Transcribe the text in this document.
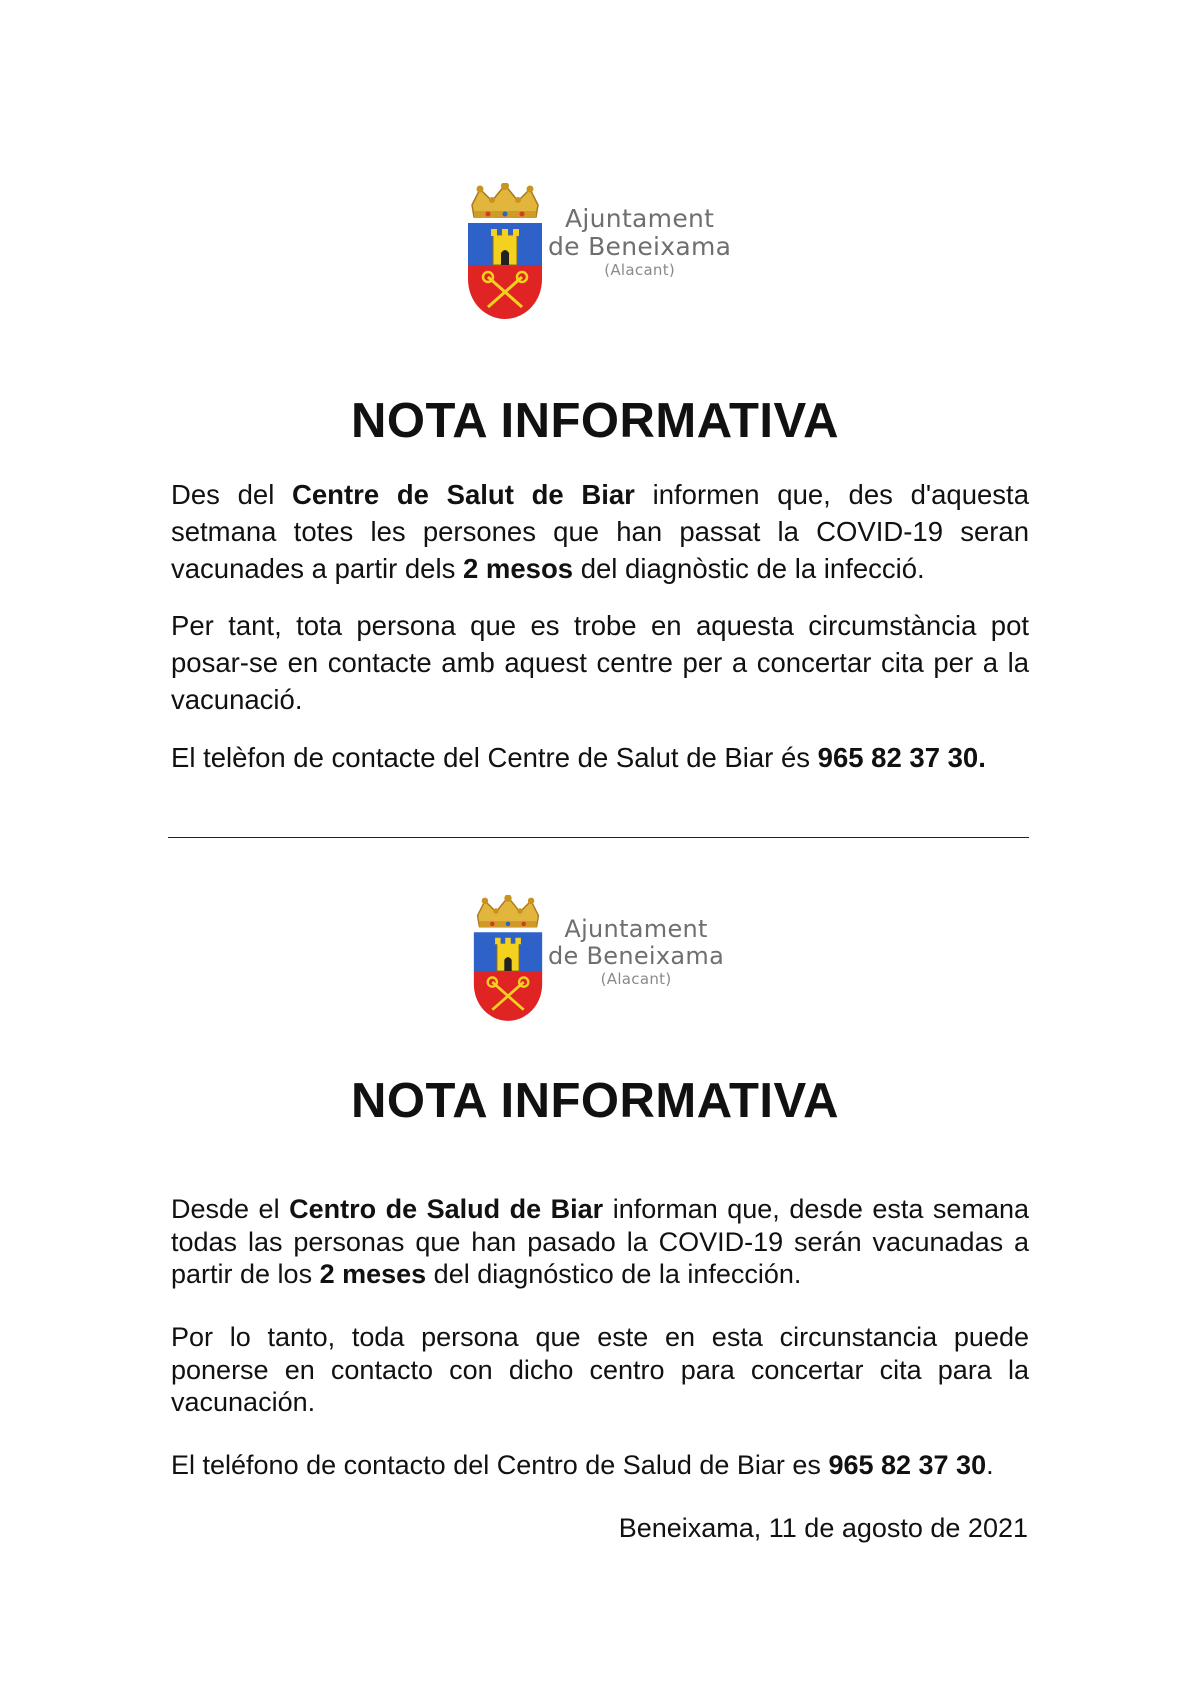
Ajuntament
de Beneixama
(Alacant)
NOTA INFORMATIVA

Des del Centre de Salut de Biar informen que, des d'aquesta setmana totes les persones que han passat la COVID-19 seran vacunades a partir dels 2 mesos del diagnòstic de la infecció.

Per tant, tota persona que es trobe en aquesta circumstància pot posar-se en contacte amb aquest centre per a concertar cita per a la vacunació.

El telèfon de contacte del Centre de Salut de Biar és 965 82 37 30.

Ajuntament
de Beneixama
(Alacant)
NOTA INFORMATIVA

Desde el Centro de Salud de Biar informan que, desde esta semana todas las personas que han pasado la COVID-19 serán vacunadas a partir de los 2 meses del diagnóstico de la infección.

Por lo tanto, toda persona que este en esta circunstancia puede ponerse en contacto con dicho centro para concertar cita para la vacunación.

El teléfono de contacto del Centro de Salud de Biar es 965 82 37 30.

Beneixama, 11 de agosto de 2021
